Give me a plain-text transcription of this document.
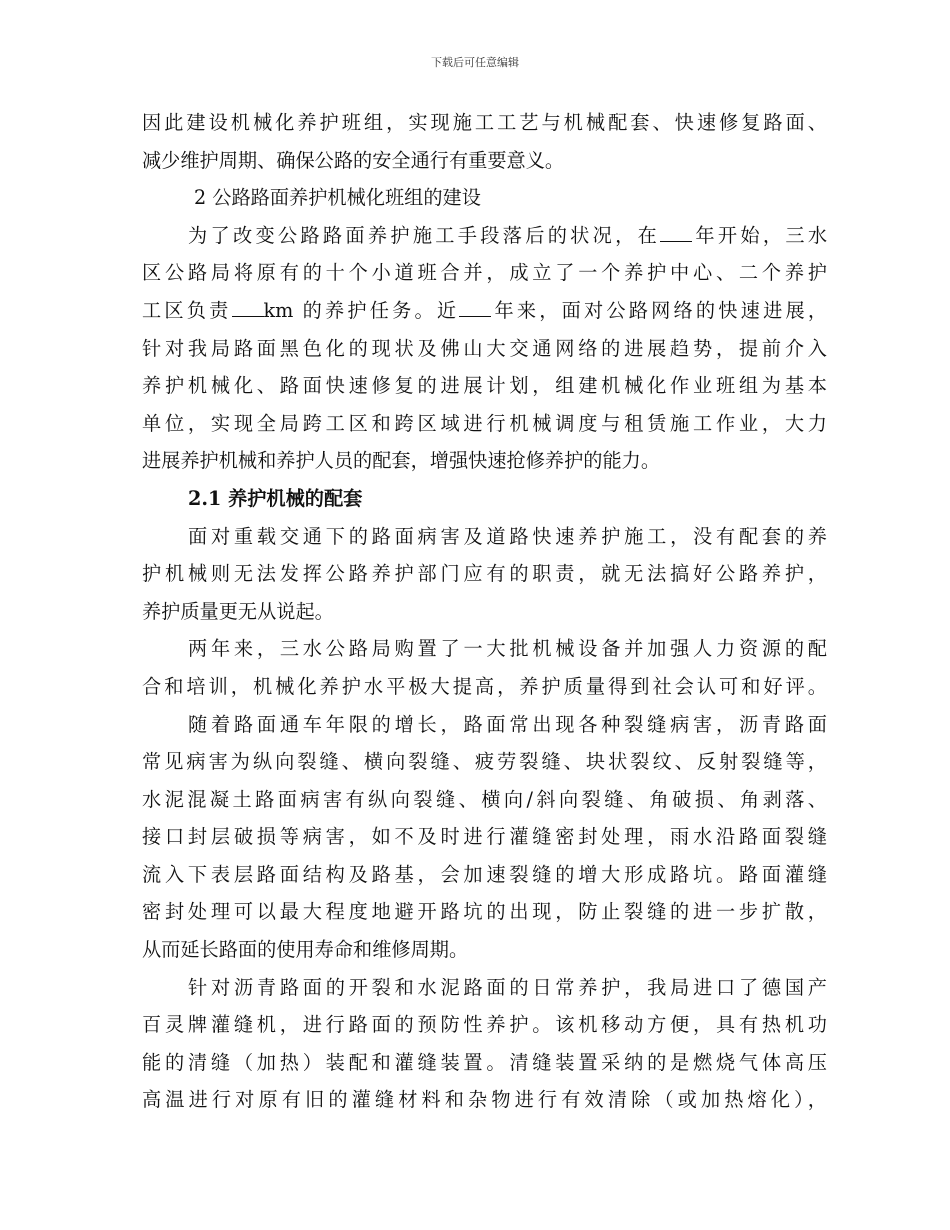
下载后可任意编辑
因此建设机械化养护班组，实现施工工艺与机械配套、快速修复路面、
减少维护周期、确保公路的安全通行有重要意义。
2 公路路面养护机械化班组的建设
为了改变公路路面养护施工手段落后的状况，在 年开始，三水
区公路局将原有的十个小道班合并，成立了一个养护中心、二个养护
工区负责 km 的养护任务。近 年来，面对公路网络的快速进展，
针对我局路面黑色化的现状及佛山大交通网络的进展趋势，提前介入
养护机械化、路面快速修复的进展计划，组建机械化作业班组为基本
单位，实现全局跨工区和跨区域进行机械调度与租赁施工作业，大力
进展养护机械和养护人员的配套，增强快速抢修养护的能力。
2.1 养护机械的配套
面对重载交通下的路面病害及道路快速养护施工，没有配套的养
护机械则无法发挥公路养护部门应有的职责，就无法搞好公路养护，
养护质量更无从说起。
两年来，三水公路局购置了一大批机械设备并加强人力资源的配
合和培训，机械化养护水平极大提高，养护质量得到社会认可和好评。
随着路面通车年限的增长，路面常出现各种裂缝病害，沥青路面
常见病害为纵向裂缝、横向裂缝、疲劳裂缝、块状裂纹、反射裂缝等，
水泥混凝土路面病害有纵向裂缝、横向/斜向裂缝、角破损、角剥落、
接口封层破损等病害，如不及时进行灌缝密封处理，雨水沿路面裂缝
流入下表层路面结构及路基，会加速裂缝的增大形成路坑。路面灌缝
密封处理可以最大程度地避开路坑的出现，防止裂缝的进一步扩散，
从而延长路面的使用寿命和维修周期。
针对沥青路面的开裂和水泥路面的日常养护，我局进口了德国产
百灵牌灌缝机，进行路面的预防性养护。该机移动方便，具有热机功
能的清缝（加热）装配和灌缝装置。清缝装置采纳的是燃烧气体高压
高温进行对原有旧的灌缝材料和杂物进行有效清除（或加热熔化），
